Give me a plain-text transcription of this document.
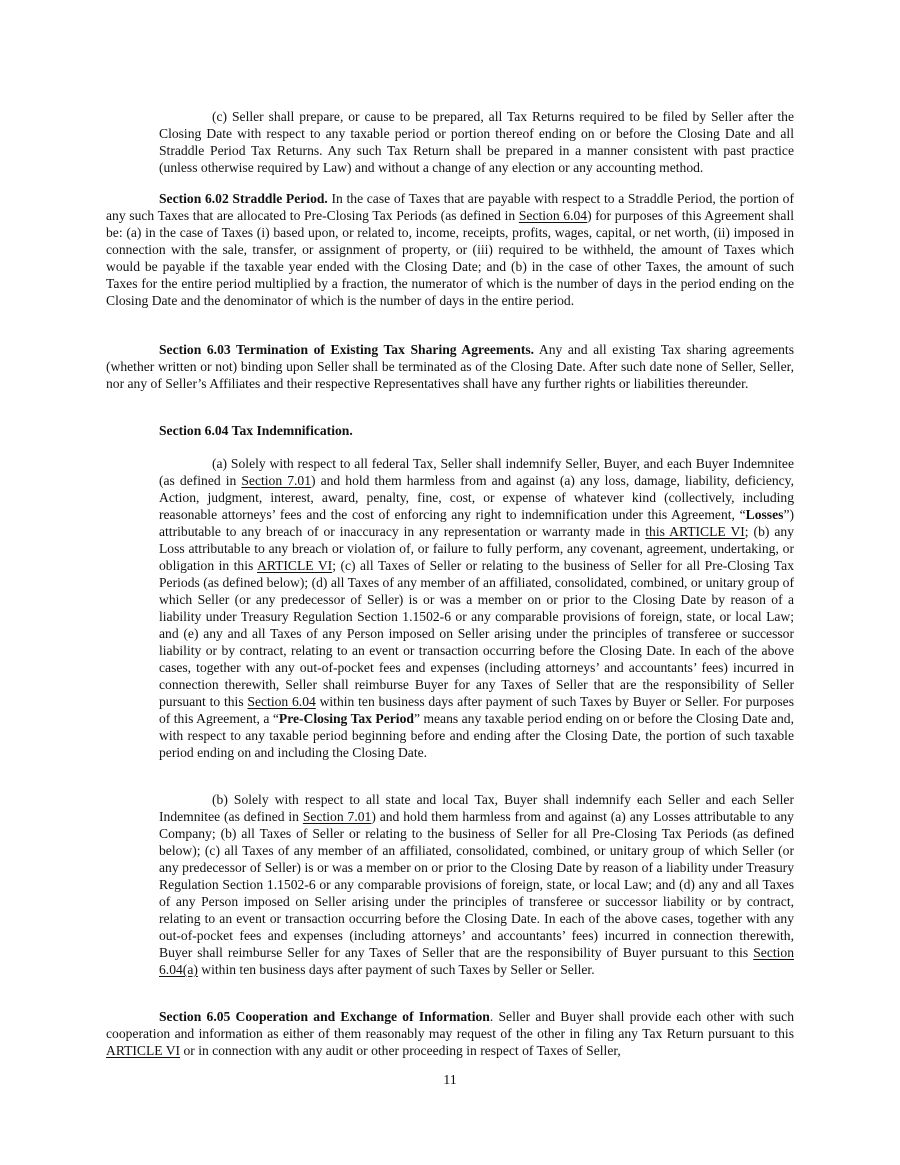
(c) Seller shall prepare, or cause to be prepared, all Tax Returns required to be filed by Seller after the Closing Date with respect to any taxable period or portion thereof ending on or before the Closing Date and all Straddle Period Tax Returns. Any such Tax Return shall be prepared in a manner consistent with past practice (unless otherwise required by Law) and without a change of any election or any accounting method.

Section 6.02 Straddle Period. In the case of Taxes that are payable with respect to a Straddle Period, the portion of any such Taxes that are allocated to Pre-Closing Tax Periods (as defined in Section 6.04) for purposes of this Agreement shall be: (a) in the case of Taxes (i) based upon, or related to, income, receipts, profits, wages, capital, or net worth, (ii) imposed in connection with the sale, transfer, or assignment of property, or (iii) required to be withheld, the amount of Taxes which would be payable if the taxable year ended with the Closing Date; and (b) in the case of other Taxes, the amount of such Taxes for the entire period multiplied by a fraction, the numerator of which is the number of days in the period ending on the Closing Date and the denominator of which is the number of days in the entire period.

Section 6.03 Termination of Existing Tax Sharing Agreements. Any and all existing Tax sharing agreements (whether written or not) binding upon Seller shall be terminated as of the Closing Date. After such date none of Seller, Seller, nor any of Seller’s Affiliates and their respective Representatives shall have any further rights or liabilities thereunder.

Section 6.04 Tax Indemnification.

(a) Solely with respect to all federal Tax, Seller shall indemnify Seller, Buyer, and each Buyer Indemnitee (as defined in Section 7.01) and hold them harmless from and against (a) any loss, damage, liability, deficiency, Action, judgment, interest, award, penalty, fine, cost, or expense of whatever kind (collectively, including reasonable attorneys’ fees and the cost of enforcing any right to indemnification under this Agreement, “Losses”) attributable to any breach of or inaccuracy in any representation or warranty made in this ARTICLE VI; (b) any Loss attributable to any breach or violation of, or failure to fully perform, any covenant, agreement, undertaking, or obligation in this ARTICLE VI; (c) all Taxes of Seller or relating to the business of Seller for all Pre-Closing Tax Periods (as defined below); (d) all Taxes of any member of an affiliated, consolidated, combined, or unitary group of which Seller (or any predecessor of Seller) is or was a member on or prior to the Closing Date by reason of a liability under Treasury Regulation Section 1.1502-6 or any comparable provisions of foreign, state, or local Law; and (e) any and all Taxes of any Person imposed on Seller arising under the principles of transferee or successor liability or by contract, relating to an event or transaction occurring before the Closing Date. In each of the above cases, together with any out-of-pocket fees and expenses (including attorneys’ and accountants’ fees) incurred in connection therewith, Seller shall reimburse Buyer for any Taxes of Seller that are the responsibility of Seller pursuant to this Section 6.04 within ten business days after payment of such Taxes by Buyer or Seller. For purposes of this Agreement, a “Pre-Closing Tax Period” means any taxable period ending on or before the Closing Date and, with respect to any taxable period beginning before and ending after the Closing Date, the portion of such taxable period ending on and including the Closing Date.

(b) Solely with respect to all state and local Tax, Buyer shall indemnify each Seller and each Seller Indemnitee (as defined in Section 7.01) and hold them harmless from and against (a) any Losses attributable to any Company; (b) all Taxes of Seller or relating to the business of Seller for all Pre-Closing Tax Periods (as defined below); (c) all Taxes of any member of an affiliated, consolidated, combined, or unitary group of which Seller (or any predecessor of Seller) is or was a member on or prior to the Closing Date by reason of a liability under Treasury Regulation Section 1.1502-6 or any comparable provisions of foreign, state, or local Law; and (d) any and all Taxes of any Person imposed on Seller arising under the principles of transferee or successor liability or by contract, relating to an event or transaction occurring before the Closing Date. In each of the above cases, together with any out-of-pocket fees and expenses (including attorneys’ and accountants’ fees) incurred in connection therewith, Buyer shall reimburse Seller for any Taxes of Seller that are the responsibility of Buyer pursuant to this Section 6.04(a) within ten business days after payment of such Taxes by Seller or Seller.

Section 6.05 Cooperation and Exchange of Information. Seller and Buyer shall provide each other with such cooperation and information as either of them reasonably may request of the other in filing any Tax Return pursuant to this ARTICLE VI or in connection with any audit or other proceeding in respect of Taxes of Seller,

11
